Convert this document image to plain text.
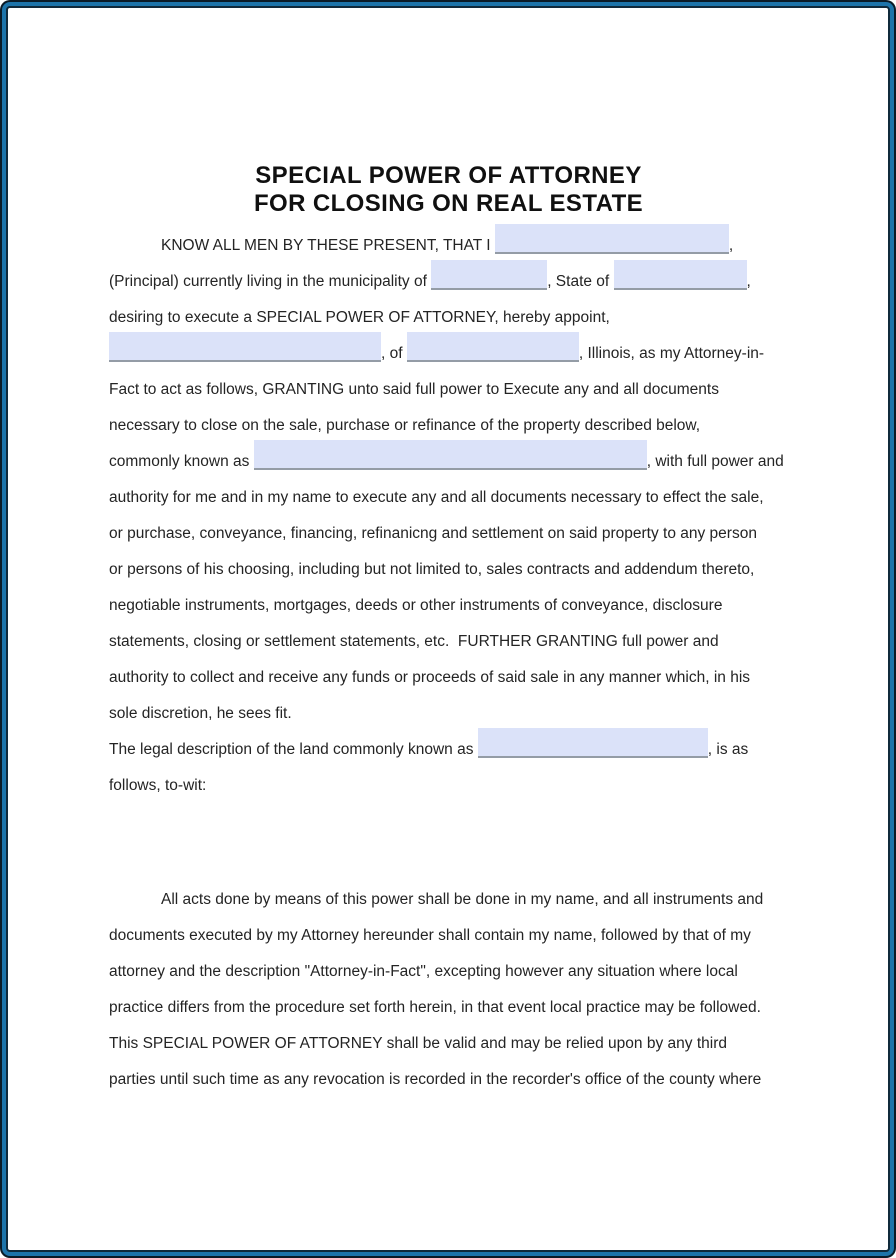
SPECIAL POWER OF ATTORNEY
FOR CLOSING ON REAL ESTATE
KNOW ALL MEN BY THESE PRESENT, THAT I	,
(Principal) currently living in the municipality of	, State of	,
desiring to execute a SPECIAL POWER OF ATTORNEY, hereby appoint,
, of	, Illinois, as my Attorney-in-
Fact to act as follows, GRANTING unto said full power to Execute any and all documents
necessary to close on the sale, purchase or refinance of the property described below,
commonly known as	, with full power and
authority for me and in my name to execute any and all documents necessary to effect the sale,
or purchase, conveyance, financing, refinanicng and settlement on said property to any person
or persons of his choosing, including but not limited to, sales contracts and addendum thereto,
negotiable instruments, mortgages, deeds or other instruments of conveyance, disclosure
statements, closing or settlement statements, etc.  FURTHER GRANTING full power and
authority to collect and receive any funds or proceeds of said sale in any manner which, in his
sole discretion, he sees fit.
The legal description of the land commonly known as	, is as
follows, to-wit:
All acts done by means of this power shall be done in my name, and all instruments and
documents executed by my Attorney hereunder shall contain my name, followed by that of my
attorney and the description "Attorney-in-Fact", excepting however any situation where local
practice differs from the procedure set forth herein, in that event local practice may be followed.
This SPECIAL POWER OF ATTORNEY shall be valid and may be relied upon by any third
parties until such time as any revocation is recorded in the recorder's office of the county where
